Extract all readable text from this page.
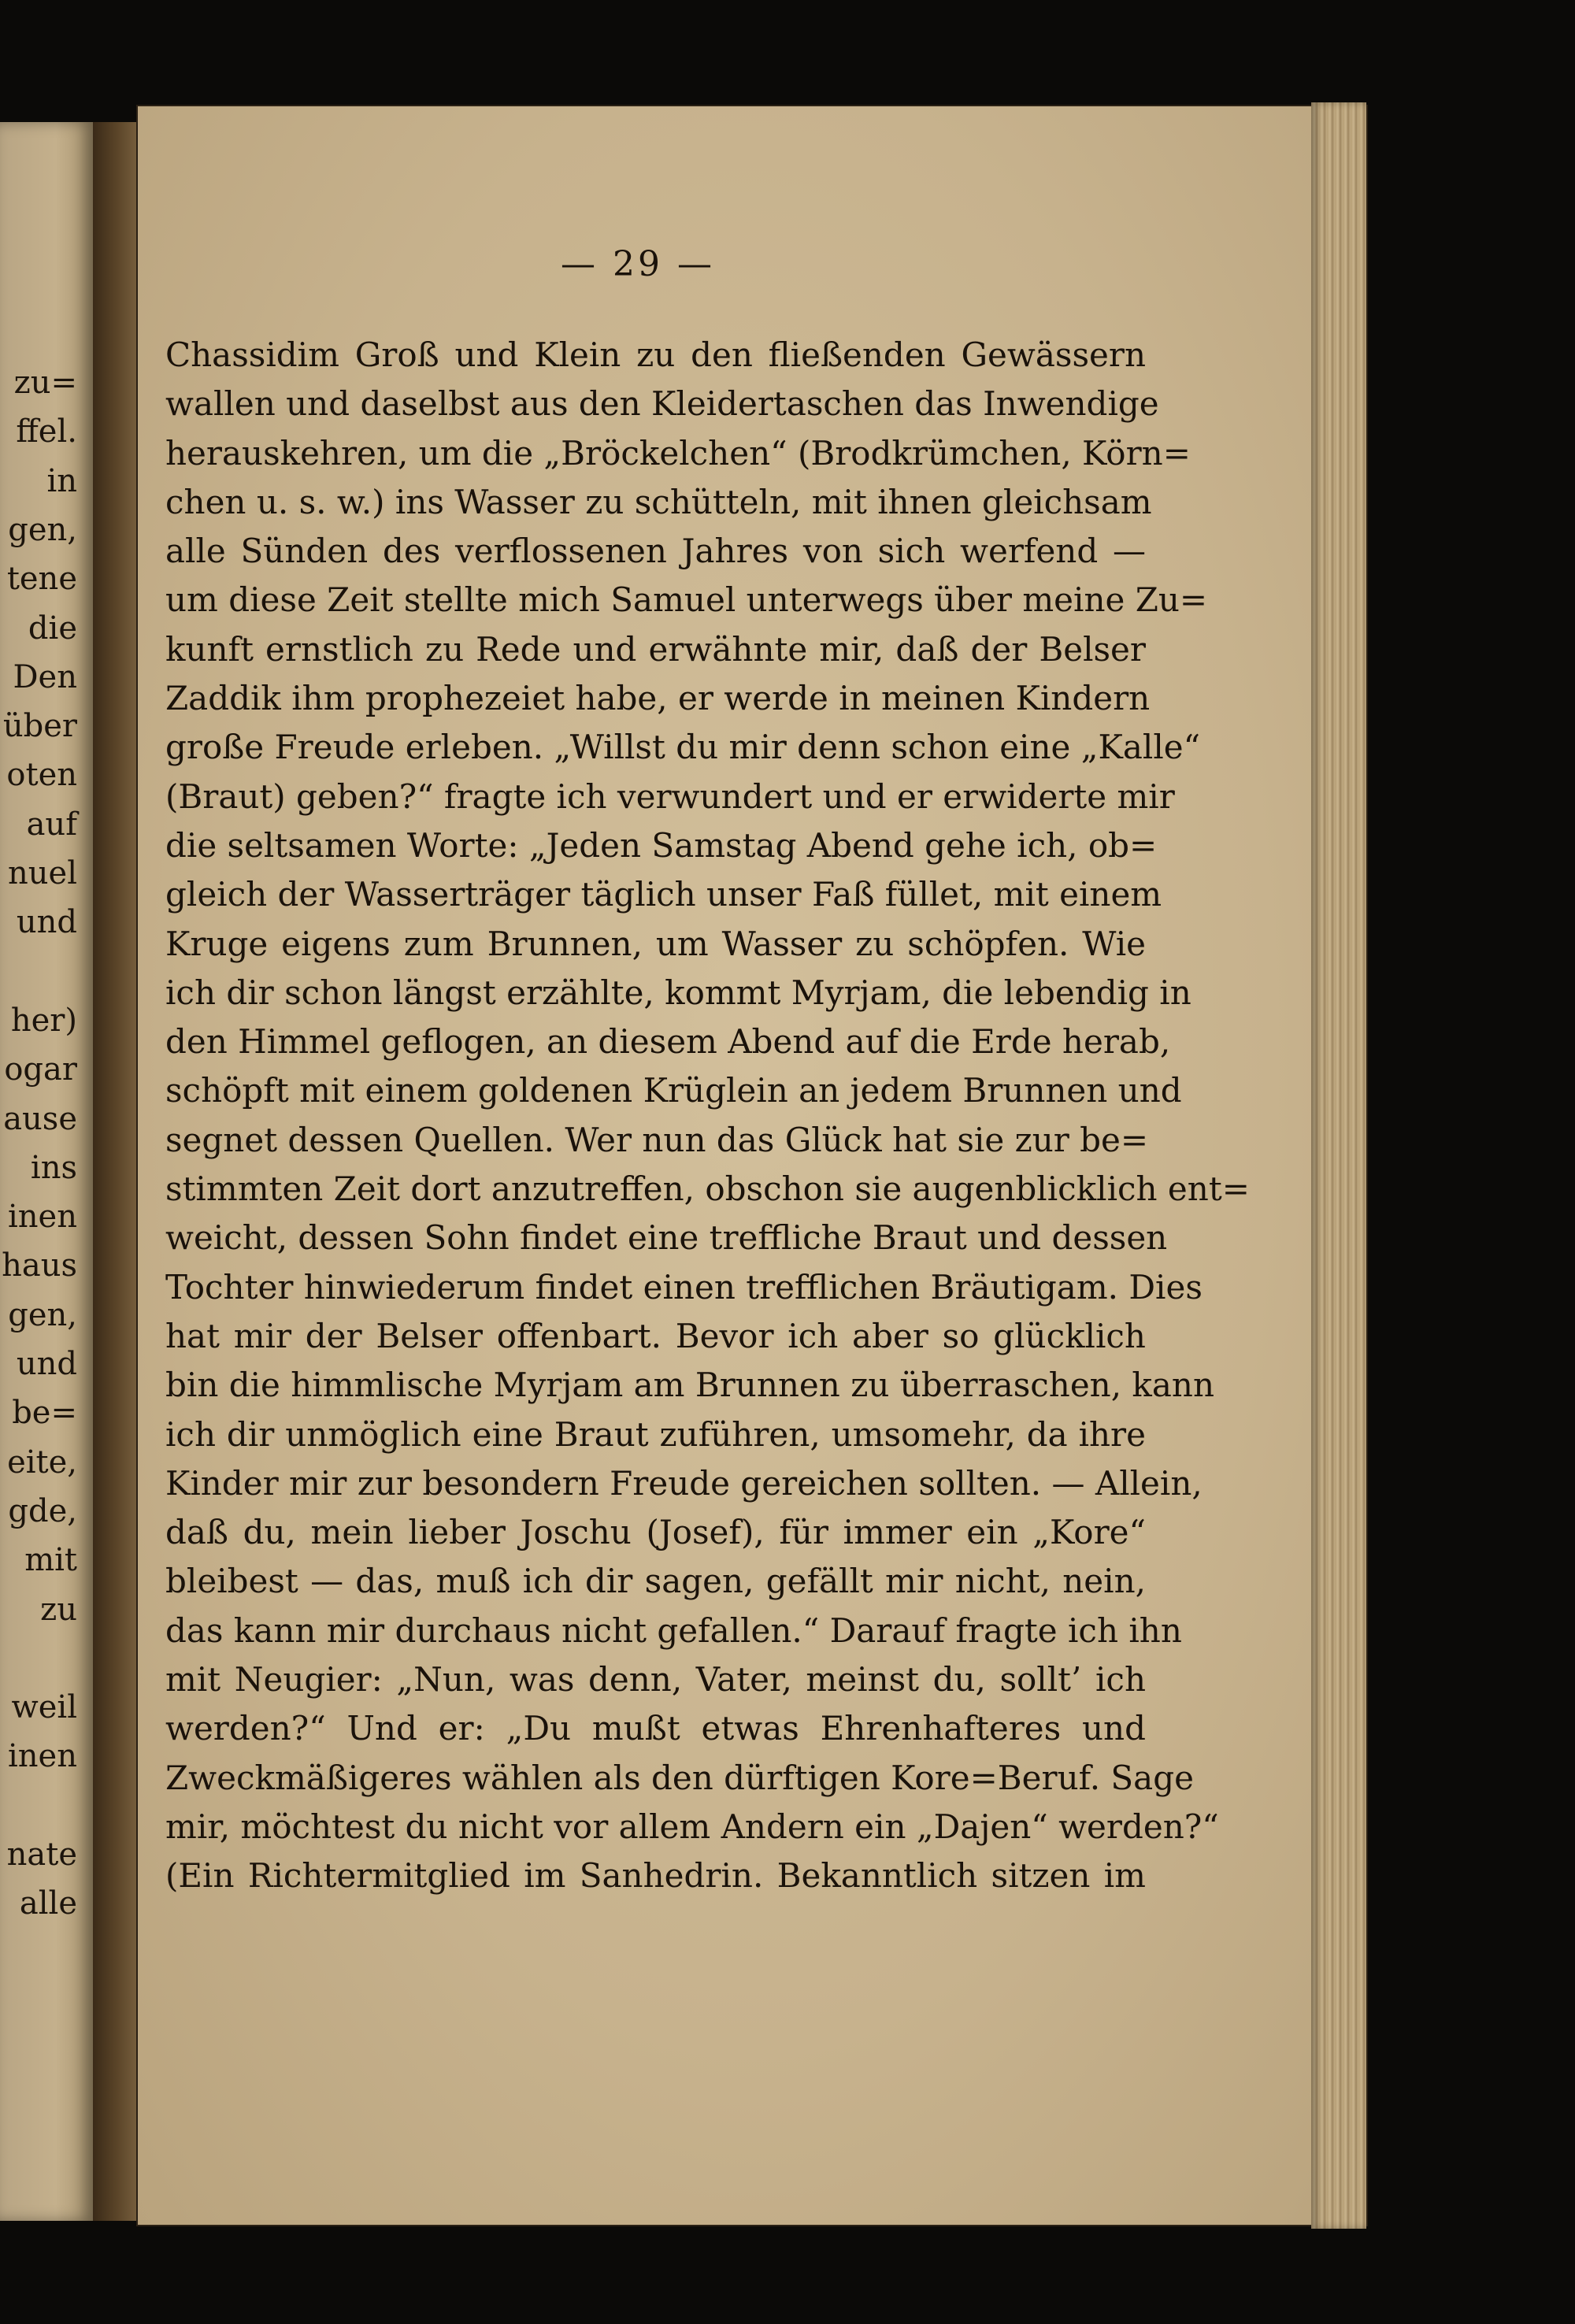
zu=
ffel.
in
gen,
tene
die
Den
über
oten
auf
nuel
und
her)
ogar
ause
ins
inen
haus
gen,
und
be=
eite,
gde,
mit
zu
weil
inen
nate
alle
— 29 —
Chassidim Groß und Klein zu den fließenden Gewässern
wallen und daselbst aus den Kleidertaschen das Inwendige
herauskehren, um die „Bröckelchen“ (Brodkrümchen, Körn=
chen u. s. w.) ins Wasser zu schütteln, mit ihnen gleichsam
alle Sünden des verflossenen Jahres von sich werfend —
um diese Zeit stellte mich Samuel unterwegs über meine Zu=
kunft ernstlich zu Rede und erwähnte mir, daß der Belser
Zaddik ihm prophezeiet habe, er werde in meinen Kindern
große Freude erleben. „Willst du mir denn schon eine „Kalle“
(Braut) geben?“ fragte ich verwundert und er erwiderte mir
die seltsamen Worte: „Jeden Samstag Abend gehe ich, ob=
gleich der Wasserträger täglich unser Faß füllet, mit einem
Kruge eigens zum Brunnen, um Wasser zu schöpfen. Wie
ich dir schon längst erzählte, kommt Myrjam, die lebendig in
den Himmel geflogen, an diesem Abend auf die Erde herab,
schöpft mit einem goldenen Krüglein an jedem Brunnen und
segnet dessen Quellen. Wer nun das Glück hat sie zur be=
stimmten Zeit dort anzutreffen, obschon sie augenblicklich ent=
weicht, dessen Sohn findet eine treffliche Braut und dessen
Tochter hinwiederum findet einen trefflichen Bräutigam. Dies
hat mir der Belser offenbart. Bevor ich aber so glücklich
bin die himmlische Myrjam am Brunnen zu überraschen, kann
ich dir unmöglich eine Braut zuführen, umsomehr, da ihre
Kinder mir zur besondern Freude gereichen sollten. — Allein,
daß du, mein lieber Joschu (Josef), für immer ein „Kore“
bleibest — das, muß ich dir sagen, gefällt mir nicht, nein,
das kann mir durchaus nicht gefallen.“ Darauf fragte ich ihn
mit Neugier: „Nun, was denn, Vater, meinst du, sollt’ ich
werden?“ Und er: „Du mußt etwas Ehrenhafteres und
Zweckmäßigeres wählen als den dürftigen Kore=Beruf. Sage
mir, möchtest du nicht vor allem Andern ein „Dajen“ werden?“
(Ein Richtermitglied im Sanhedrin. Bekanntlich sitzen im
